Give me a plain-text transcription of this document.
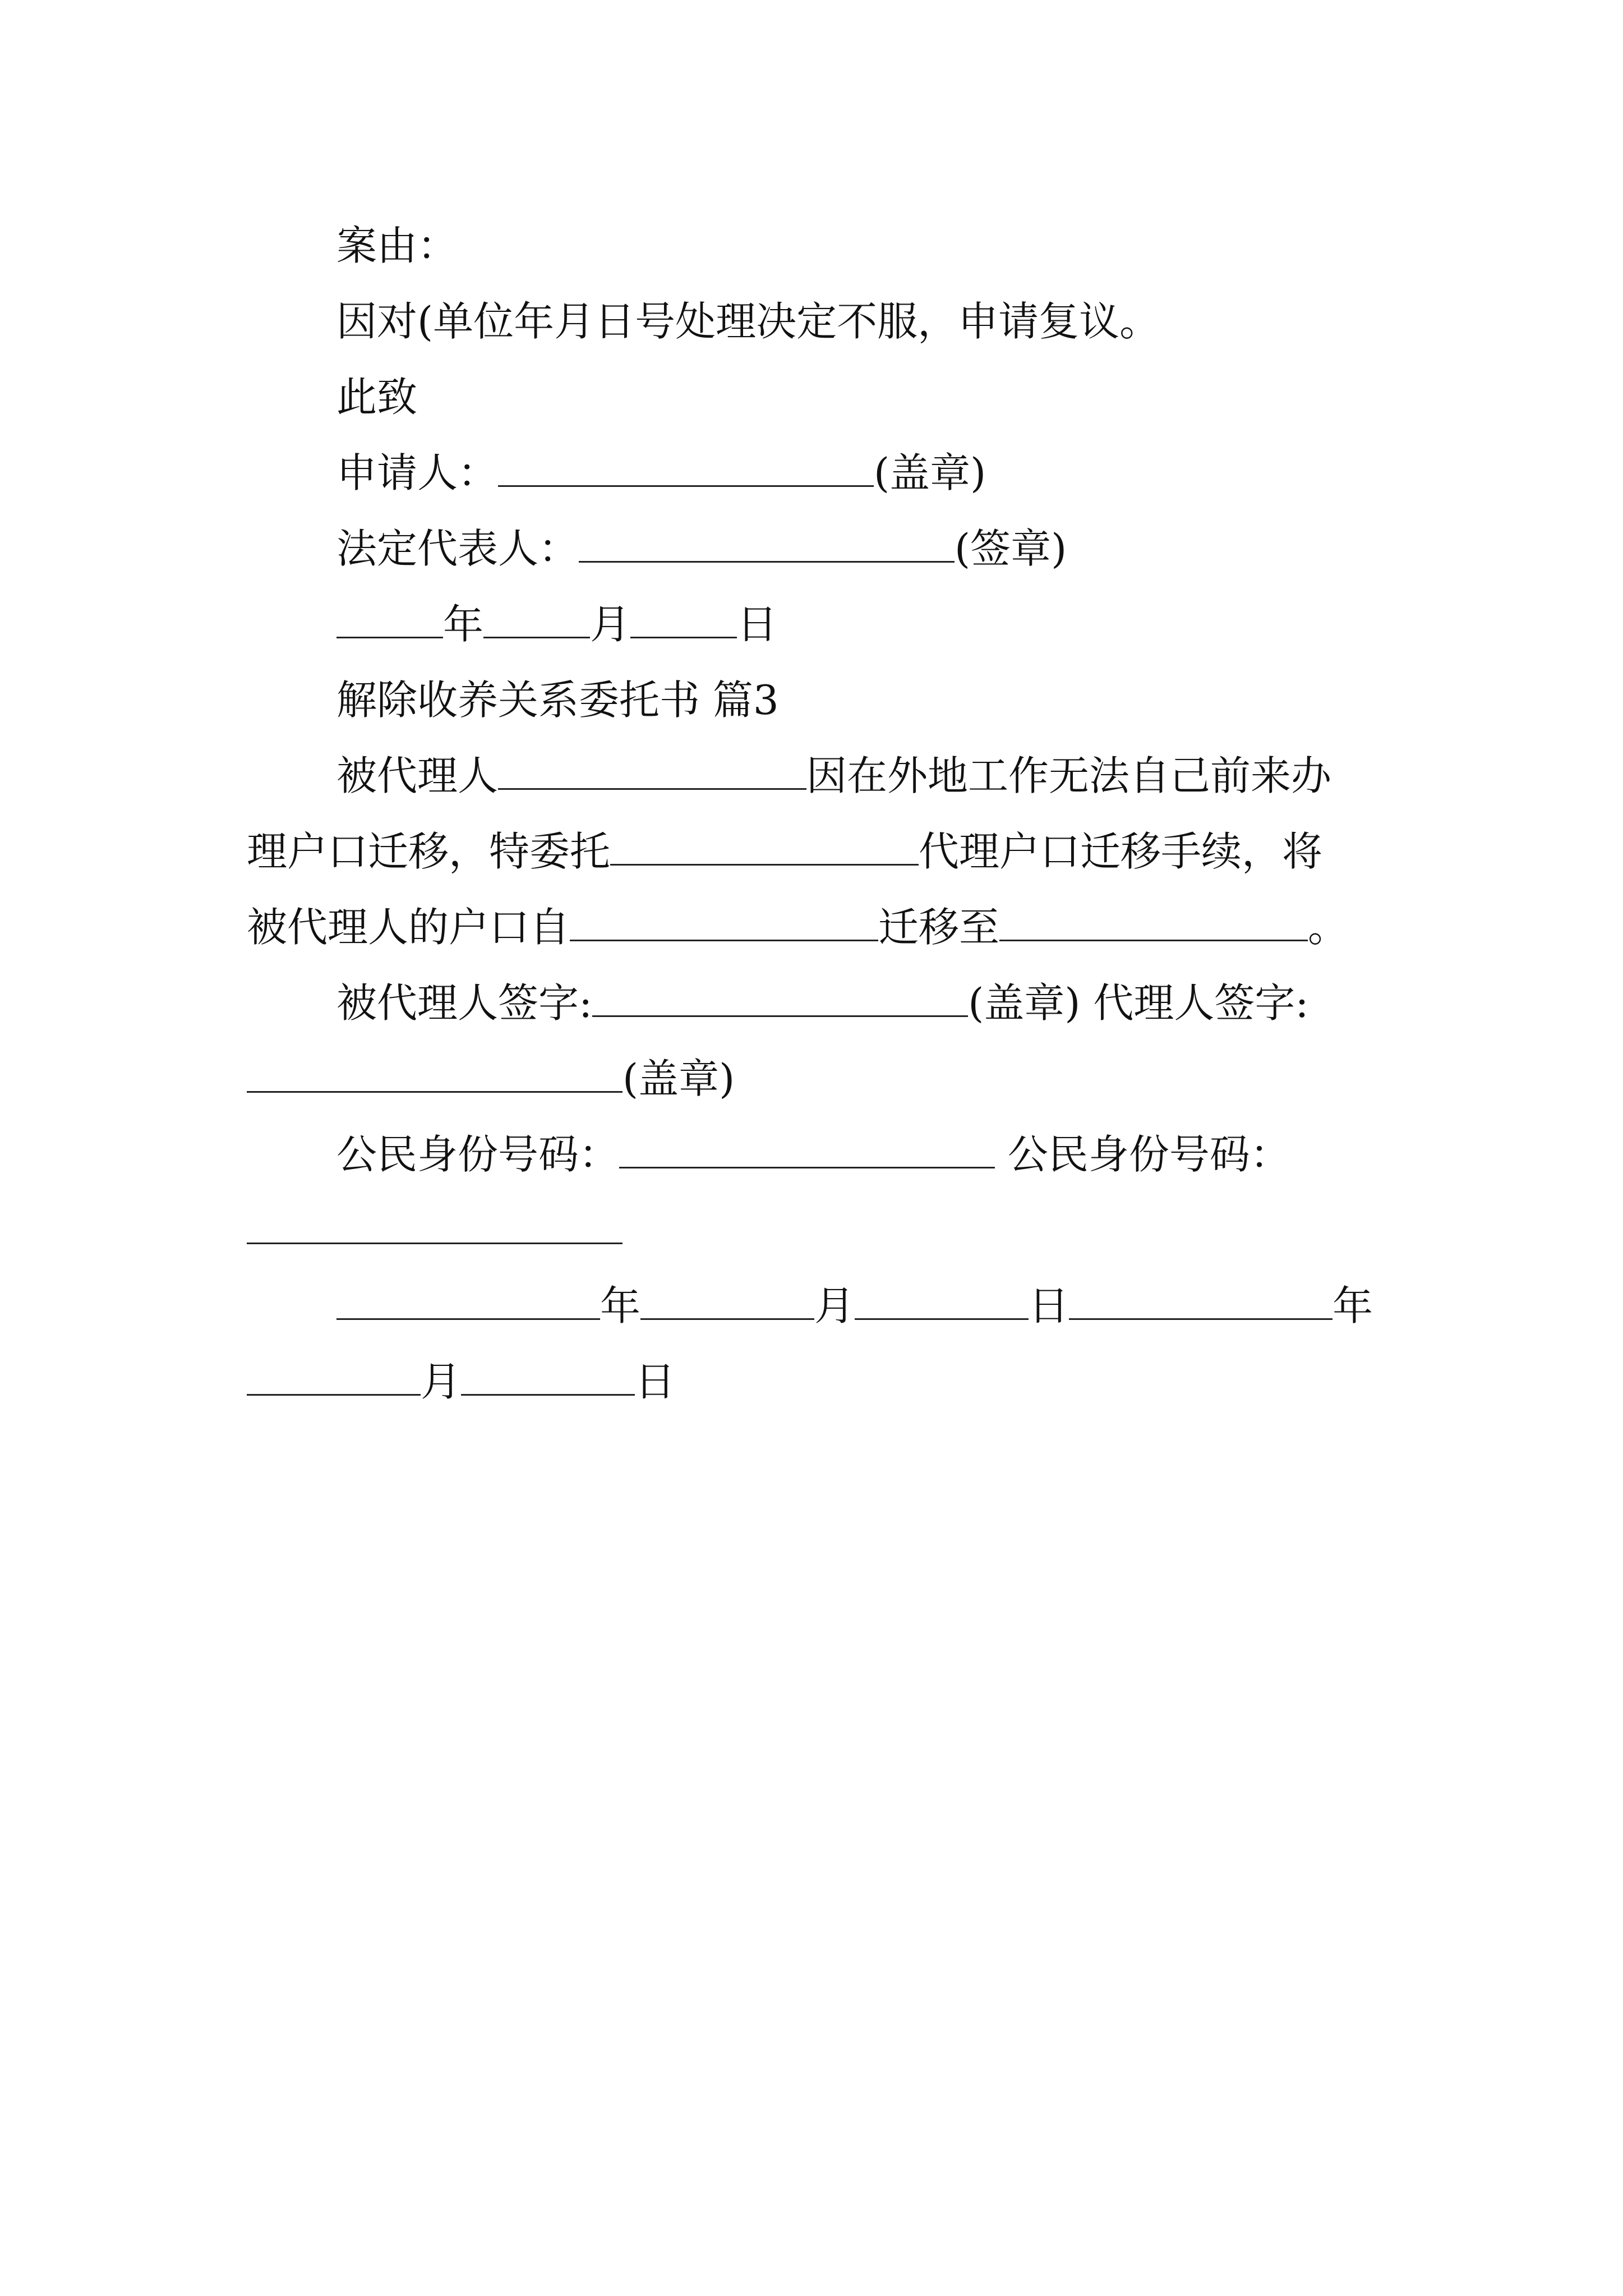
案由：
因对(单位年月日号处理决定不服，申请复议。
此致
申请人：	(盖章)
法定代表人：	(签章)
年	月	日
解除收养关系委托书 篇3
被代理人	因在外地工作无法自己前来办
理户口迁移，特委托	代理户口迁移手续，将
被代理人的户口自	迁移至	。
被代理人签字:	(盖章) 代理人签字:
(盖章)
公民身份号码：	公民身份号码：
年	月	日	年
月	日
